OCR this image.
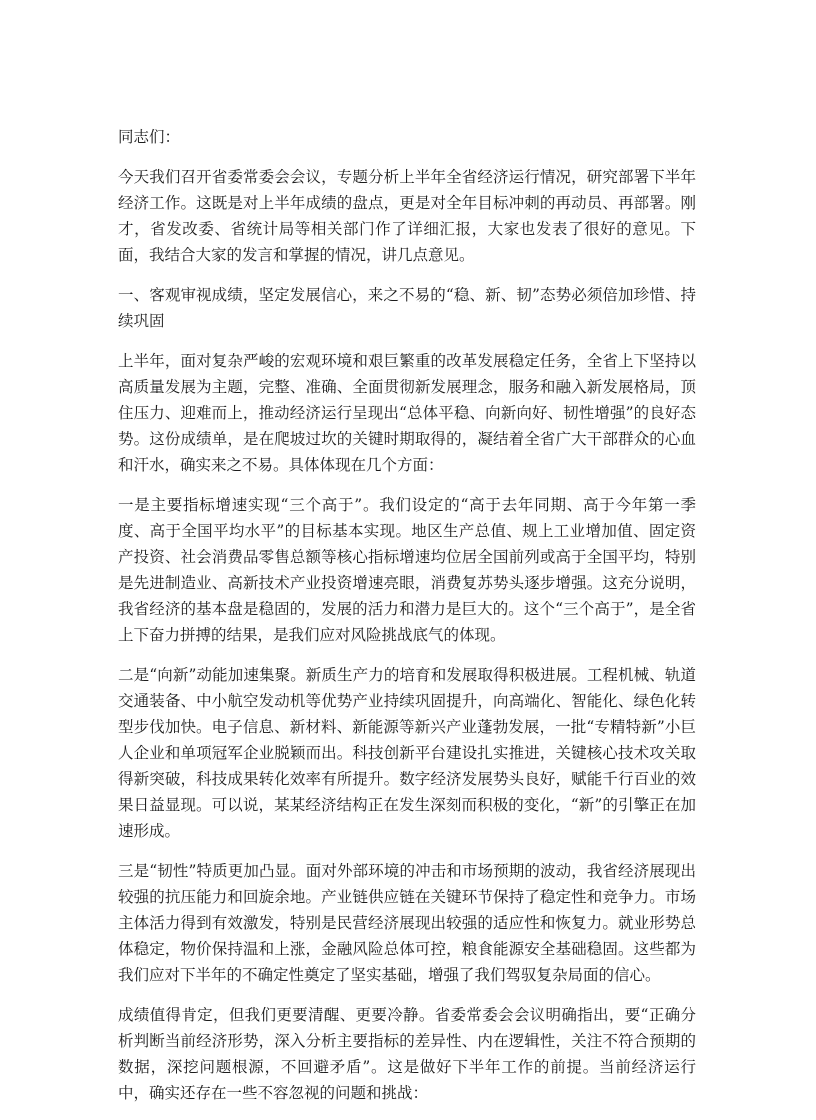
同志们：

今天我们召开省委常委会会议，专题分析上半年全省经济运行情况，研究部署下半年经济工作。这既是对上半年成绩的盘点，更是对全年目标冲刺的再动员、再部署。刚才，省发改委、省统计局等相关部门作了详细汇报，大家也发表了很好的意见。下面，我结合大家的发言和掌握的情况，讲几点意见。

一、客观审视成绩，坚定发展信心，来之不易的“稳、新、韧”态势必须倍加珍惜、持续巩固

上半年，面对复杂严峻的宏观环境和艰巨繁重的改革发展稳定任务，全省上下坚持以高质量发展为主题，完整、准确、全面贯彻新发展理念，服务和融入新发展格局，顶住压力、迎难而上，推动经济运行呈现出“总体平稳、向新向好、韧性增强”的良好态势。这份成绩单，是在爬坡过坎的关键时期取得的，凝结着全省广大干部群众的心血和汗水，确实来之不易。具体体现在几个方面：

一是主要指标增速实现“三个高于”。我们设定的“高于去年同期、高于今年第一季度、高于全国平均水平”的目标基本实现。地区生产总值、规上工业增加值、固定资产投资、社会消费品零售总额等核心指标增速均位居全国前列或高于全国平均，特别是先进制造业、高新技术产业投资增速亮眼，消费复苏势头逐步增强。这充分说明，我省经济的基本盘是稳固的，发展的活力和潜力是巨大的。这个“三个高于”，是全省上下奋力拼搏的结果，是我们应对风险挑战底气的体现。

二是“向新”动能加速集聚。新质生产力的培育和发展取得积极进展。工程机械、轨道交通装备、中小航空发动机等优势产业持续巩固提升，向高端化、智能化、绿色化转型步伐加快。电子信息、新材料、新能源等新兴产业蓬勃发展，一批“专精特新”小巨人企业和单项冠军企业脱颖而出。科技创新平台建设扎实推进，关键核心技术攻关取得新突破，科技成果转化效率有所提升。数字经济发展势头良好，赋能千行百业的效果日益显现。可以说，某某经济结构正在发生深刻而积极的变化，“新”的引擎正在加速形成。

三是“韧性”特质更加凸显。面对外部环境的冲击和市场预期的波动，我省经济展现出较强的抗压能力和回旋余地。产业链供应链在关键环节保持了稳定性和竞争力。市场主体活力得到有效激发，特别是民营经济展现出较强的适应性和恢复力。就业形势总体稳定，物价保持温和上涨，金融风险总体可控，粮食能源安全基础稳固。这些都为我们应对下半年的不确定性奠定了坚实基础，增强了我们驾驭复杂局面的信心。

成绩值得肯定，但我们更要清醒、更要冷静。省委常委会会议明确指出，要“正确分析判断当前经济形势，深入分析主要指标的差异性、内在逻辑性，关注不符合预期的数据，深挖问题根源，不回避矛盾”。这是做好下半年工作的前提。当前经济运行中，确实还存在一些不容忽视的问题和挑战：
